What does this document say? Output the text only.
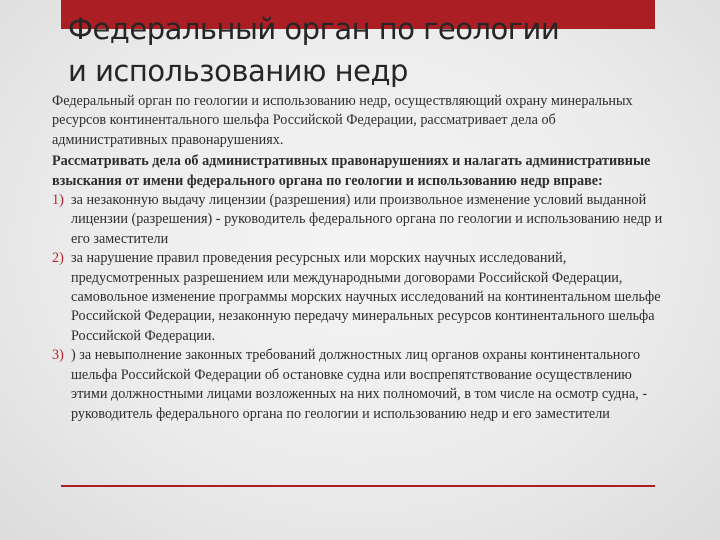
Федеральный орган по геологии
и использованию недр

Федеральный орган по геологии и использованию недр, осуществляющий охрану минеральных ресурсов континентального шельфа Российской Федерации, рассматривает дела об административных правонарушениях.

Рассматривать дела об административных правонарушениях и налагать административные взыскания от имени федерального органа по геологии и использованию недр вправе:

1) за незаконную выдачу лицензии (разрешения) или произвольное изменение условий выданной лицензии (разрешения) - руководитель федерального органа по геологии и использованию недр и его заместители
2) за нарушение правил проведения ресурсных или морских научных исследований, предусмотренных разрешением или международными договорами Российской Федерации, самовольное изменение программы морских научных исследований на континентальном шельфе Российской Федерации, незаконную передачу минеральных ресурсов континентального шельфа Российской Федерации.
3) ) за невыполнение законных требований должностных лиц органов охраны континентального шельфа Российской Федерации об остановке судна или воспрепятствование осуществлению этими должностными лицами возложенных на них полномочий, в том числе на осмотр судна, - руководитель федерального органа по геологии и использованию недр и его заместители
